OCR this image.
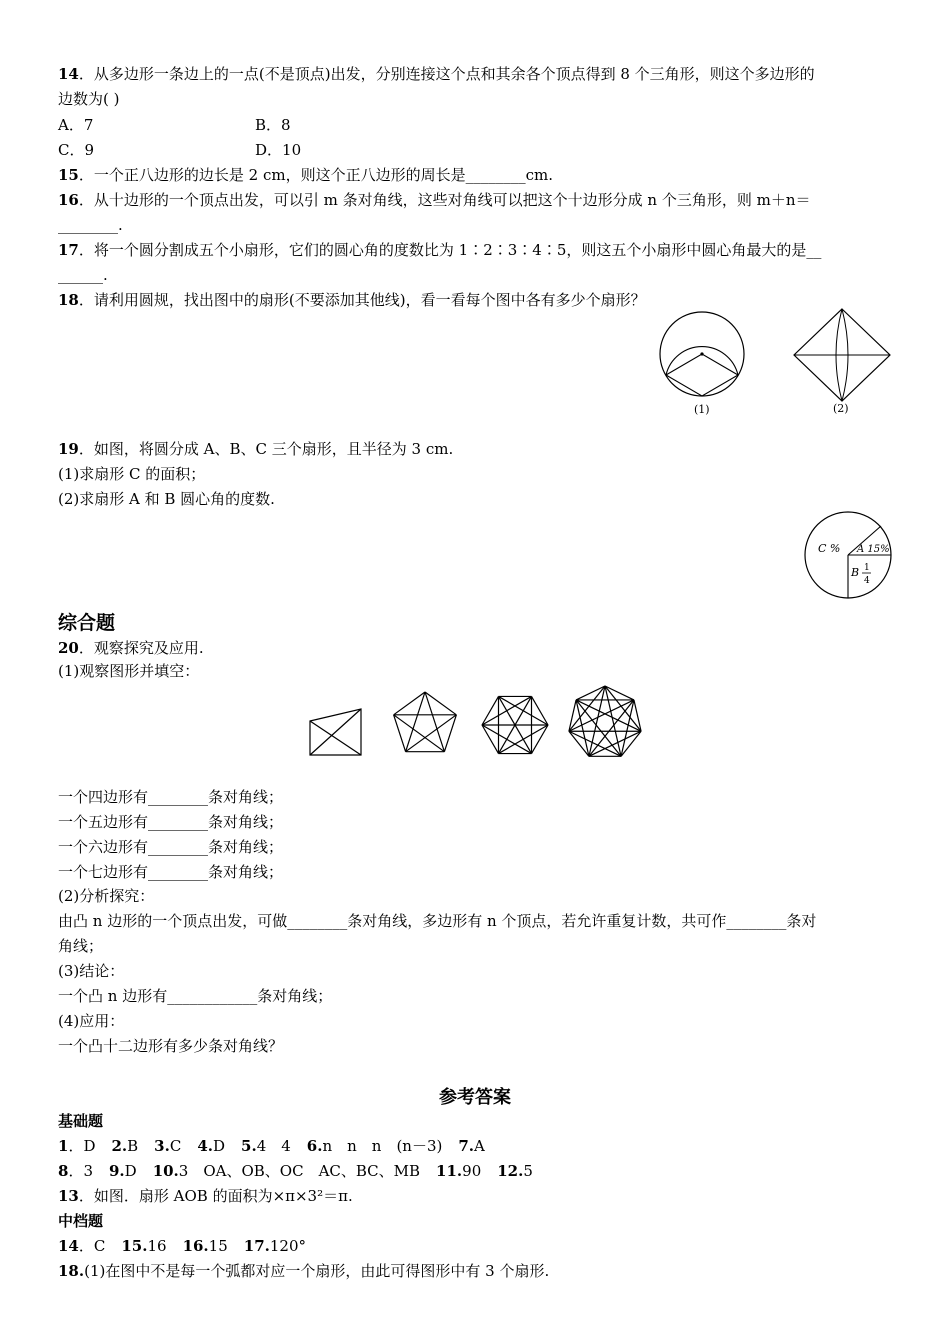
14．从多边形一条边上的一点(不是顶点)出发，分别连接这个点和其余各个顶点得到 8 个三角形，则这个多边形的
边数为( )
A．7	B．8
C．9	D．10
15．一个正八边形的边长是 2 cm，则这个正八边形的周长是________cm.
16．从十边形的一个顶点出发，可以引 m 条对角线，这些对角线可以把这个十边形分成 n 个三角形，则 m＋n＝
________.
17．将一个圆分割成五个小扇形，它们的圆心角的度数比为 1∶2∶3∶4∶5，则这五个小扇形中圆心角最大的是__
______.
18．请利用圆规，找出图中的扇形(不要添加其他线)，看一看每个图中各有多少个扇形？
(1)	(2)
19．如图，将圆分成 A、B、C 三个扇形，且半径为 3 cm.
(1)求扇形 C 的面积；
(2)求扇形 A 和 B 圆心角的度数.
C % A 15%
B 1
4
综合题
20．观察探究及应用.
(1)观察图形并填空：
一个四边形有________条对角线；
一个五边形有________条对角线；
一个六边形有________条对角线；
一个七边形有________条对角线；
(2)分析探究：
由凸 n 边形的一个顶点出发，可做________条对角线，多边形有 n 个顶点，若允许重复计数，共可作________条对
角线；
(3)结论：
一个凸 n 边形有____________条对角线；
(4)应用：
一个凸十二边形有多少条对角线？
参考答案
基础题
1．D 2.B 3.C 4.D 5.4　4 6.n　n　n　(n－3) 7.A
8．3 9.D 10.3　OA、OB、OC　AC、BC、MB 11.90 12.5
13．如图．扇形 AOB 的面积为×π×3²＝π.
中档题
14．C 15.16 16.15 17.120°
18.(1)在图中不是每一个弧都对应一个扇形，由此可得图形中有 3 个扇形.
